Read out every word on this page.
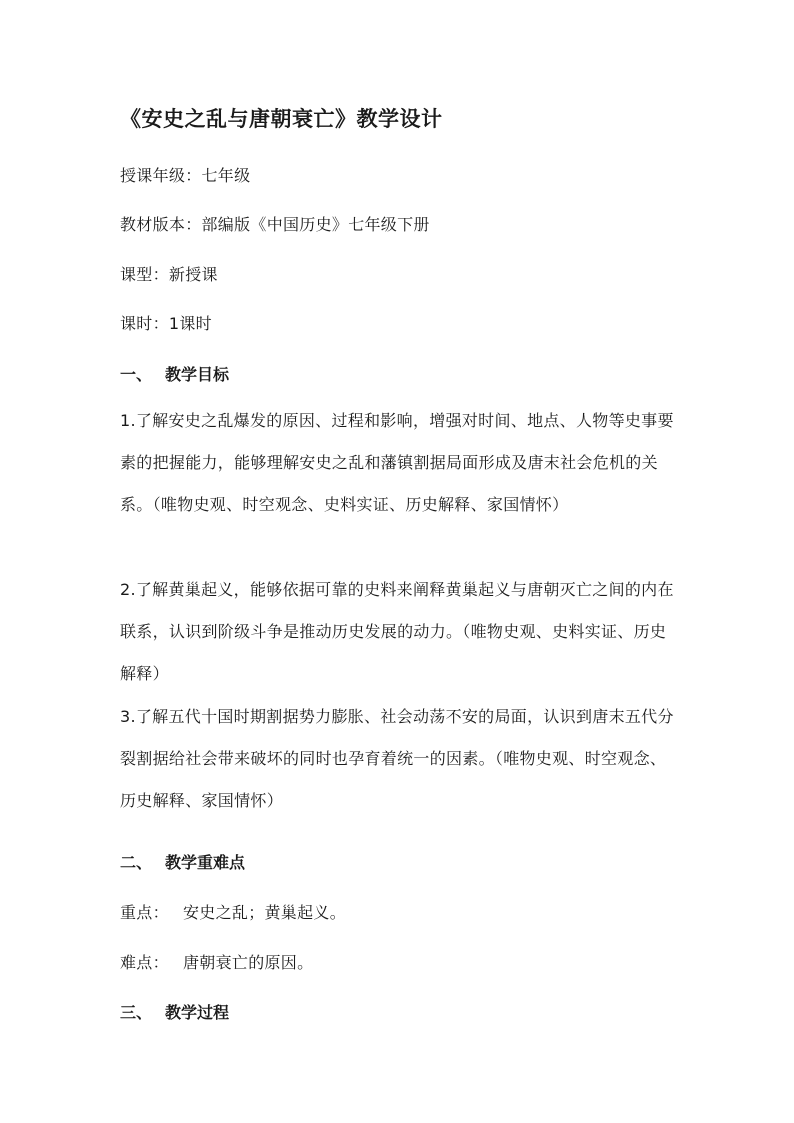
《安史之乱与唐朝衰亡》教学设计
授课年级：七年级
教材版本：部编版《中国历史》七年级下册
课型：新授课
课时：1课时
一、 教学目标
1.了解安史之乱爆发的原因、过程和影响，增强对时间、地点、人物等史事要素的把握能力，能够理解安史之乱和藩镇割据局面形成及唐末社会危机的关系。（唯物史观、时空观念、史料实证、历史解释、家国情怀）
2.了解黄巢起义，能够依据可靠的史料来阐释黄巢起义与唐朝灭亡之间的内在联系，认识到阶级斗争是推动历史发展的动力。（唯物史观、史料实证、历史解释）
3.了解五代十国时期割据势力膨胀、社会动荡不安的局面，认识到唐末五代分裂割据给社会带来破坏的同时也孕育着统一的因素。（唯物史观、时空观念、历史解释、家国情怀）
二、 教学重难点
重点： 安史之乱；黄巢起义。
难点： 唐朝衰亡的原因。
三、 教学过程
